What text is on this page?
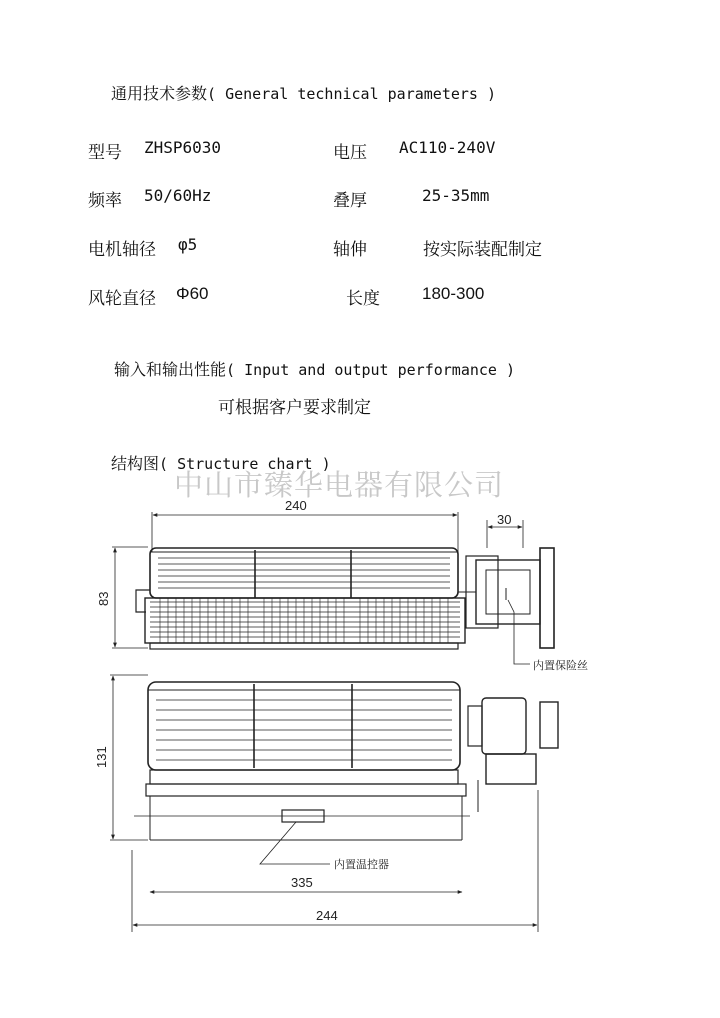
通用技术参数( General technical parameters )
型号 ZHSP6030	电压 AC110-240V
频率 50/60Hz	叠厚	25-35mm
电机轴径 φ5	轴伸	按实际装配制定
风轮直径 Φ60	长度 180-300
输入和输出性能( Input and output performance )
可根据客户要求制定
结构图( Structure chart )
中山市臻华电器有限公司
240
30
83
内置保险丝
131
内置温控器
335
244
